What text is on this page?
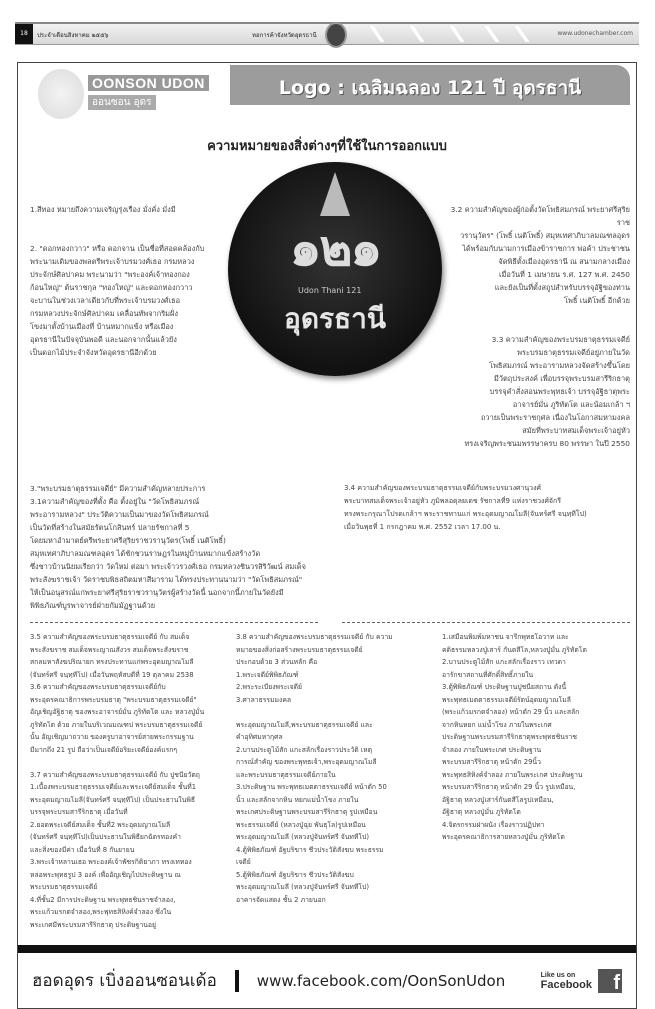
18	ประจำเดือนสิงหาคม ๒๕๕๖	หอการค้าจังหวัดอุดรธานี	www.udonechamber.com
OONSON UDON
ออนซอน อุดร
Logo : เฉลิมฉลอง 121 ปี อุดรธานี
ความหมายของสิ่งต่างๆที่ใช้ในการออกแบบ

1.สีทอง หมายถึงความเจริญรุ่งเรือง มั่งคั่ง มั่งมี

2. "ดอกทองกวาว" หรือ ดอกจาน เป็นชื่อที่สอดคล้องกับ
พระนามเดิมของพลตรีพระเจ้าบรมวงศ์เธอ กรมหลวง
ประจักษ์ศิลปาคม พระนามว่า "พระองค์เจ้าทองกอง
ก้อนใหญ่" ต้นราชกุล "ทองใหญ่" และดอกทองกวาว
จะบานในช่วงเวลาเดียวกับที่พระเจ้าบรมวงศ์เธอ
กรมหลวงประจักษ์ศิลปาคม เคลื่อนทัพจากริมฝั่ง
โขงมาตั้งบ้านเมืองที่ บ้านหมากแข้ง หรือเมือง
อุดรธานีในปัจจุบันพอดี และนอกจากนั้นแล้วยัง
เป็นดอกไม้ประจำจังหวัดอุดรธานีอีกด้วย

๑๒๑
Udon Thani 121
อุดรธานี

3.2 ความสำคัญของผู้ก่อตั้งวัดโพธิสมภรณ์ พระยาศรีสุริยราช
วรานุวัตร" (โพธิ์ เนติโพธิ์) สมุหเทศาภิบาลมณฑลอุดร
ได้พร้อมกับนามการเมืองข้าราชการ พ่อค้า ประชาชน
จัดพิธีตั้งเมืองอุดรธานี ณ สนามกลางเมือง
เมื่อวันที่ 1 เมษายน ร.ศ. 127 พ.ศ. 2450
และยังเป็นที่ตั้งสถูปสำหรับบรรจุอัฐิของท่าน
โพธิ์ เนติโพธิ์ อีกด้วย

3.3 ความสำคัญของพระบรมธาตุธรรมเจดีย์
พระบรมธาตุธรรมเจดีย์อยู่ภายในวัด
โพธิสมภรณ์ พระอารามหลวงจัดสร้างขึ้นโดย
มีวัตถุประสงค์ เพื่อบรรจุพระบรมสารีริกธาตุ
บรรจุคำสั่งสอนพระพุทธเจ้า บรรจุอัฐิธาตุพระ
อาจารย์มั่น ภูริทัตโต และน้อมเกล้า ฯ
ถวายเป็นพระราชกุศล เนื่องในโอกาสมหามงคล
สมัยที่พระบาทสมเด็จพระเจ้าอยู่หัว
ทรงเจริญพระชนมพรรษาครบ 80 พรรษา ในปี 2550

3."พระบรมธาตุธรรมเจดีย์" มีความสำคัญหลายประการ
3.1ความสำคัญของที่ตั้ง คือ ตั้งอยู่ใน "วัดโพธิสมภรณ์
พระอารามหลวง" ประวัติความเป็นมาของวัดโพธิสมภรณ์
เป็นวัดที่สร้างในสมัยรัตนโกสินทร์ ปลายรัชกาลที่ 5
โดยมหาอำมาตย์ตรีพระยาศรีสุริยราชวรานุวัตร(โพธิ์ เนติโพธิ์)
สมุหเทศาภิบาลมณฑลอุดร ได้ชักชวนราษฎรในหมู่บ้านหมากแข้งสร้างวัด
ซึ่งชาวบ้านนิยมเรียกว่า วัดใหม่ ต่อมา พระเจ้าวรวงศ์เธอ กรมหลวงชินวรสิริวัฒน์ สมเด็จ
พระสังฆราชเจ้า วัดราชบพิธสถิตมหาสีมาราม ได้ทรงประทานนามว่า "วัดโพธิสมภรณ์"
ให้เป็นอนุสรณ์แก่พระยาศรีสุริยราชวรานุวัตรผู้สร้างวัดนี้ นอกจากนี้ภายในวัดยังมี
พิพิธภัณฑ์บูรพาจารย์ฝ่ายกัมมัฏฐานด้วย
3.4 ความสำคัญของพระบรมธาตุธรรมเจดีย์กับพระบรมวงศานุวงศ์
พระบาทสมเด็จพระเจ้าอยู่หัว ภูมิพลอดุลยเดช รัชกาลที่9 แห่งราชวงศ์จักรี
ทรงพระกรุณาโปรดเกล้าฯ พระราชทานแก่ พระอุดมญาณโมลี(จันทร์ศรี จนฺทฺทีโป)
เมื่อวันพุธที่ 1 กรกฎาคม พ.ศ. 2552 เวลา 17.00 น.
3.5 ความสำคัญของพระบรมธาตุธรรมเจดีย์ กับ สมเด็จ
พระสังฆราช สมเด็จพระญาณสังวร สมเด็จพระสังฆราช
สกลมหาสังฆปริณายก ทรงประทานแก่พระอุดมญาณโมลี
(จันทร์ศรี จนฺทฺทีโป) เมื่อวันพฤหัสบดีที่ 19 ตุลาคม 2538
3.6 ความสำคัญของพระบรมธาตุธรรมเจดีย์กับ
พระอุดรคณาธิการพระบรมธาตุ "พระบรมธาตุธรรมเจดีย์"
อัญเชิญอัฐิธาตุ ของพระอาจารย์มั่น ภูริทัตโต และ หลวงปู่มั่น
ภูริทัตโต ด้วย ภายในบริเวณมณฑป พระบรมธาตุธรรมเจดีย์
นั้น อัญเชิญมาถวาย ของครูบาอาจารย์สายพระกรรมฐาน
มีมากถึง 21 รูป ถือว่าเป็นเจดีย์อริยะเจดีย์องค์แรกๆ

3.7 ความสำคัญของพระบรมธาตุธรรมเจดีย์ กับ ปูชนียวัตถุ
1.เบื้องพระบรมธาตุธรรมเจดีย์และพระเจดีย์สมเด็จ ชั้นที่1
พระอุดมญาณโมลี(จันทร์ศรี จนฺทฺทีโป) เป็นประธานในพิธี
บรรจุพระบรมสารีริกธาตุ เมื่อวันที่
2.ยอดพระเจดีย์สมเด็จ ชั้นที่2 พระอุดมญาณโมลี
(จันทร์ศรี จนฺทฺทีโป)เป็นประธานในพิธียกฉัตรทองคำ
และสิ่งของมีค่า เมื่อวันที่ 8 กันยายน
3.พระเจ้าหลานเธอ พระองค์เจ้าพัชรกิติยาภา ทรงเททอง
หล่อพระพุทธรูป 3 องค์ เพื่ออัญเชิญไปประดิษฐาน ณ
พระบรมธาตุธรรมเจดีย์
4.ที่ชั้น2 มีการประดิษฐาน พระพุทธชินราชจำลอง,
พระแก้วมรกตจำลอง,พระพุทธสิหิงค์จำลอง ซึ่งใน
พระเกศมีพระบรมสารีริกธาตุ ประดิษฐานอยู่
3.8 ความสำคัญของพระบรมธาตุธรรมเจดีย์ กับ ความ
หมายของสิ่งก่อสร้างพระบรมธาตุธรรมเจดีย์
ประกอบด้วย 3 ส่วนหลัก คือ
1.พระเจดีย์พิพิธภัณฑ์
2.พระระเบียงพระเจดีย์
3.ศาลาธรรมมงคล

พระอุดมญาณโมลี,พระบรมธาตุธรรมเจดีย์ และ
คำอุทิศมหากุศล
2.บานประตูไม้สัก แกะสลักเรื่องราวประวัติ เหตุ
การณ์สำคัญ ของพระพุทธเจ้า,พระอุดมญาณโมลี
และพระบรมธาตุธรรมเจดีย์ภายใน
3.ประดิษฐาน พระพุทธเมตตาธรรมเจดีย์ หน้าตัก 50
นิ้ว และสลักจากหิน หยกแม่น้ำโขง ภายใน
พระเกศประดิษฐานพระบรมสารีริกธาตุ รูปเหมือน
พระธรรมเจดีย์ (หลวงปู่ฉุย พันธุโล)รูปเหมือน
พระอุดมญาณโมลี (หลวงปู่จันทร์ศรี จันททีโป)
4.ตู้พิพิธภัณฑ์ อัฐบริขาร ชีวประวัติสังฆบ พระธรรม
เจดีย์
5.ตู้พิพิธภัณฑ์ อัฐบริขาร ชีวประวัติสังฆบ
พระอุดมญาณโมลี (หลวงปู่จันทร์ศรี จันททีโป)
อาคารจัดแสดง ชั้น 2 ภายนอก
1.เสมือนพิมพ์มหาชน จารึกพุทธโอวาท และ
คติธรรมหลวงปู่เสาร์ กันตสีโล,หลวงปู่มั่น ภูริทัตโต
2.บานประตูไม้สัก แกะสลักเรื่องราว เทวดา
อารักขาสถานที่ศักดิ์สิทธิ์ภายใน
3.ตู้พิพิธภัณฑ์ ประดิษฐานปูชนียสถาน ดังนี้
พระพุทธเมตตาธรรมเจดีย์รัตน์อุดมญาณโมลี
(พระแก้วมรกตจำลอง) หน้าตัก 29 นิ้ว และสลัก
จากหินหยก แม่น้ำโขง ภายในพระเกศ
ประดิษฐานพระบรมสารีริกธาตุพระพุทธชินราช
จำลอง ภายในพระเกศ ประดิษฐาน
พระบรมสารีริกธาตุ หน้าตัก 29นิ้ว
พระพุทธสิหิงค์จำลอง ภายในพระเกศ ประดิษฐาน
พระบรมสารีริกธาตุ หน้าตัก 29 นิ้ว รูปเหมือน,
อัฐิธาตุ หลวงปู่เสาร์กันตสีโลรูปเหมือน,
อัฐิธาตุ หลวงปู่มั่น ภูริทัตโต
4.จิตรกรรมฝาผนัง เรื่องราวปฏิปทา
พระอุดรคณาธิการสายหลวงปู่มั่น ภูริทัตโต
ฮอดอุดร เบิ่งออนซอนเด้อ	www.facebook.com/OonSonUdon	Like us on
Facebook	f
